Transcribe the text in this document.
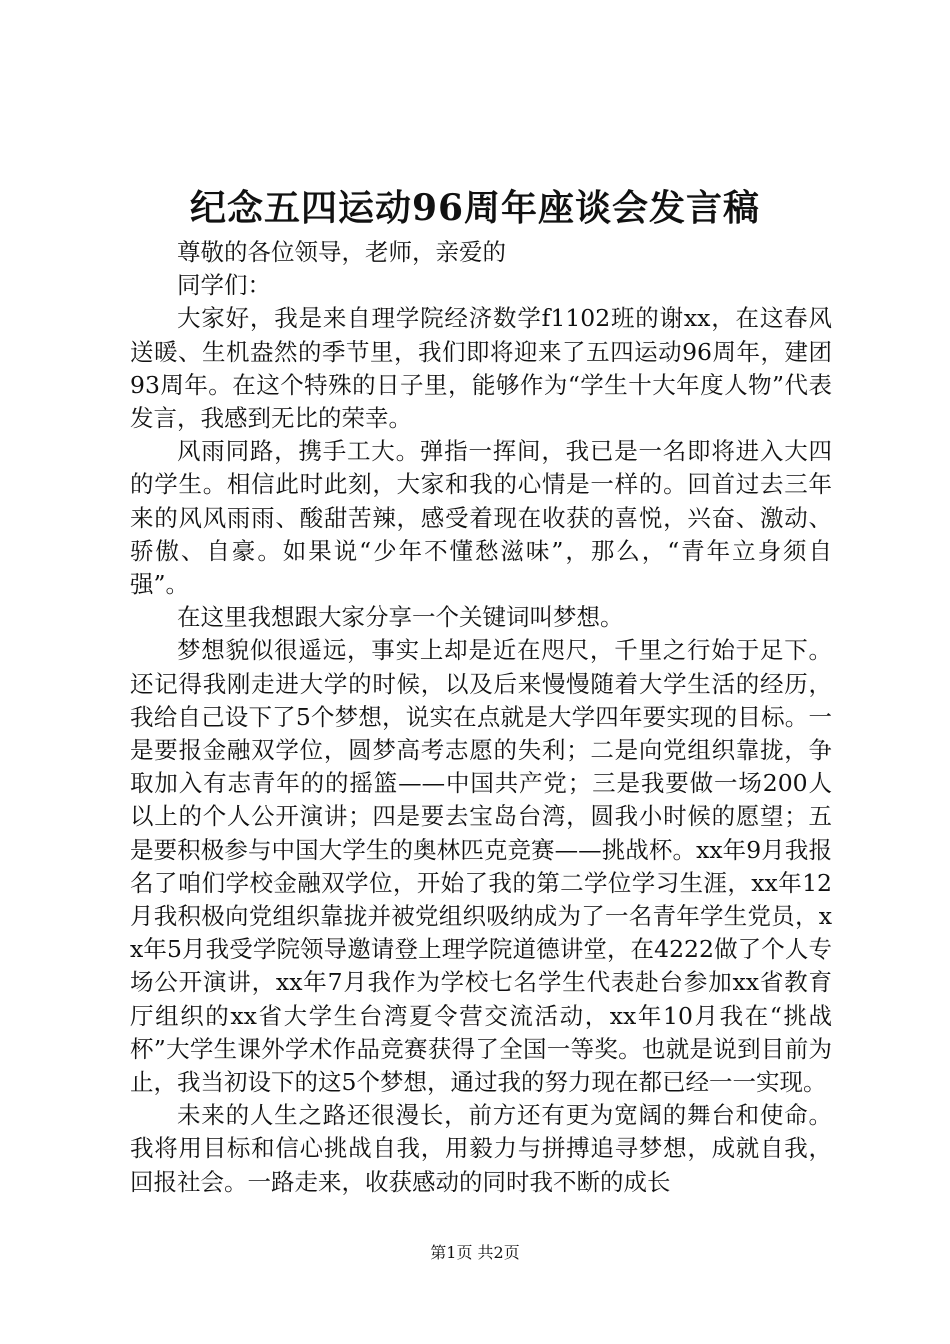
纪念五四运动96周年座谈会发言稿

尊敬的各位领导，老师，亲爱的

同学们：

大家好，我是来自理学院经济数学f1102班的谢xx，在这春风送暖、生机盎然的季节里，我们即将迎来了五四运动96周年，建团93周年。在这个特殊的日子里，能够作为“学生十大年度人物”代表发言，我感到无比的荣幸。

风雨同路，携手工大。弹指一挥间，我已是一名即将进入大四的学生。相信此时此刻，大家和我的心情是一样的。回首过去三年来的风风雨雨、酸甜苦辣，感受着现在收获的喜悦，兴奋、激动、骄傲、自豪。如果说“少年不懂愁滋味”，那么，“青年立身须自强”。

在这里我想跟大家分享一个关键词叫梦想。

梦想貌似很遥远，事实上却是近在咫尺，千里之行始于足下。还记得我刚走进大学的时候，以及后来慢慢随着大学生活的经历，我给自己设下了5个梦想，说实在点就是大学四年要实现的目标。一是要报金融双学位，圆梦高考志愿的失利；二是向党组织靠拢，争取加入有志青年的的摇篮——中国共产党；三是我要做一场200人以上的个人公开演讲；四是要去宝岛台湾，圆我小时候的愿望；五是要积极参与中国大学生的奥林匹克竞赛——挑战杯。xx年9月我报名了咱们学校金融双学位，开始了我的第二学位学习生涯，xx年12月我积极向党组织靠拢并被党组织吸纳成为了一名青年学生党员，xx年5月我受学院领导邀请登上理学院道德讲堂，在4222做了个人专场公开演讲，xx年7月我作为学校七名学生代表赴台参加xx省教育厅组织的xx省大学生台湾夏令营交流活动，xx年10月我在“挑战杯”大学生课外学术作品竞赛获得了全国一等奖。也就是说到目前为止，我当初设下的这5个梦想，通过我的努力现在都已经一一实现。

未来的人生之路还很漫长，前方还有更为宽阔的舞台和使命。我将用目标和信心挑战自我，用毅力与拼搏追寻梦想，成就自我，回报社会。一路走来，收获感动的同时我不断的成长

第1页 共2页
